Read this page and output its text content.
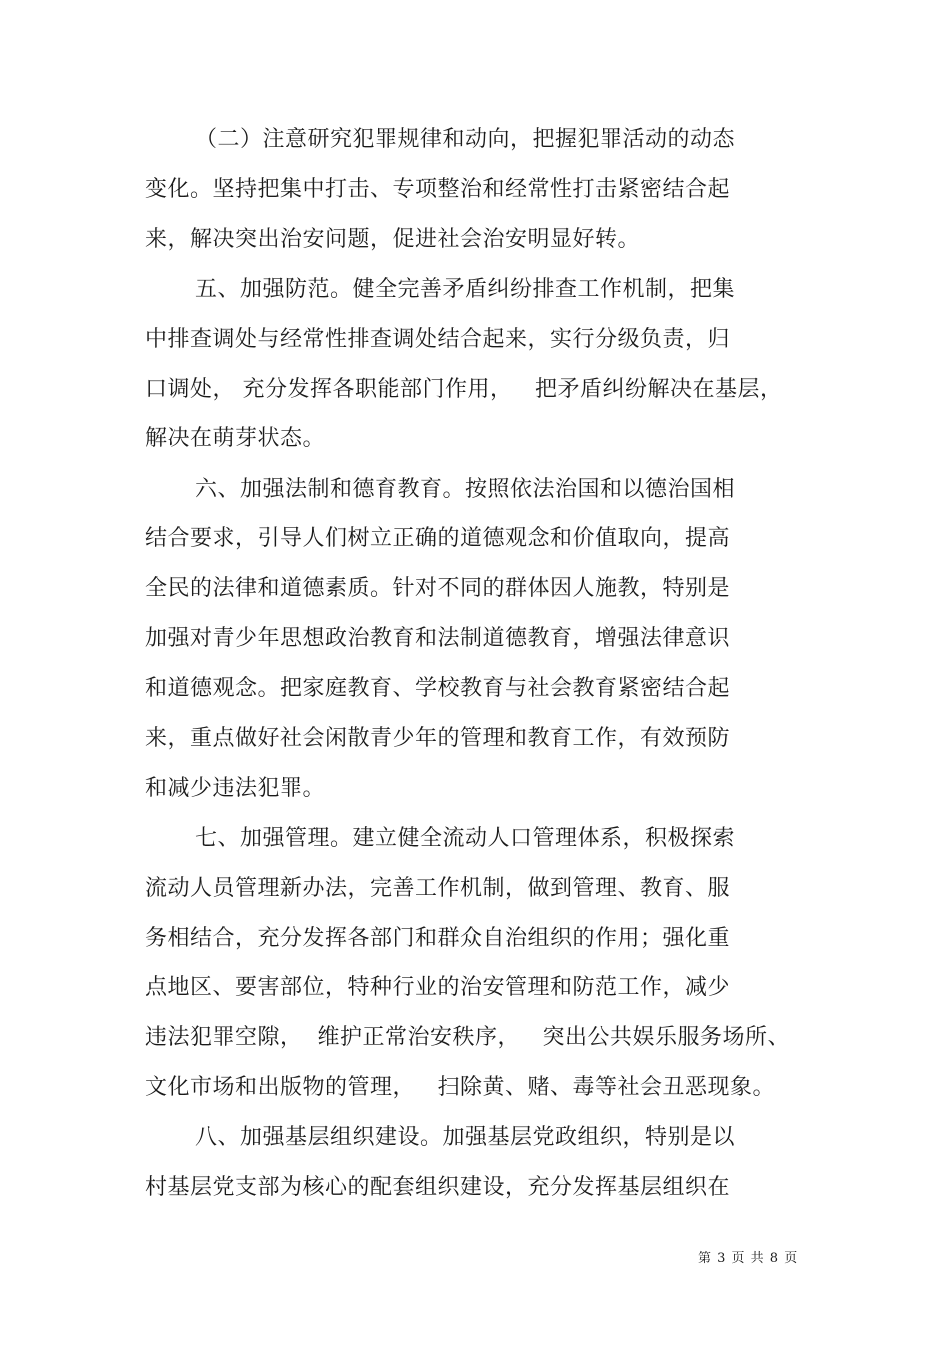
（二）注意研究犯罪规律和动向，把握犯罪活动的动态
变化。坚持把集中打击、专项整治和经常性打击紧密结合起
来，解决突出治安问题，促进社会治安明显好转。
五、加强防范。健全完善矛盾纠纷排查工作机制，把集
中排查调处与经常性排查调处结合起来，实行分级负责，归
口调处， 充分发挥各职能部门作用，   把矛盾纠纷解决在基层，
解决在萌芽状态。
六、加强法制和德育教育。按照依法治国和以德治国相
结合要求，引导人们树立正确的道德观念和价值取向，提高
全民的法律和道德素质。针对不同的群体因人施教，特别是
加强对青少年思想政治教育和法制道德教育，增强法律意识
和道德观念。把家庭教育、学校教育与社会教育紧密结合起
来，重点做好社会闲散青少年的管理和教育工作，有效预防
和减少违法犯罪。
七、加强管理。建立健全流动人口管理体系，积极探索
流动人员管理新办法，完善工作机制，做到管理、教育、服
务相结合，充分发挥各部门和群众自治组织的作用；强化重
点地区、要害部位，特种行业的治安管理和防范工作，减少
违法犯罪空隙，  维护正常治安秩序，   突出公共娱乐服务场所、
文化市场和出版物的管理，   扫除黄、赌、毒等社会丑恶现象。
八、加强基层组织建设。加强基层党政组织，特别是以
村基层党支部为核心的配套组织建设，充分发挥基层组织在
第 3 页 共 8 页
